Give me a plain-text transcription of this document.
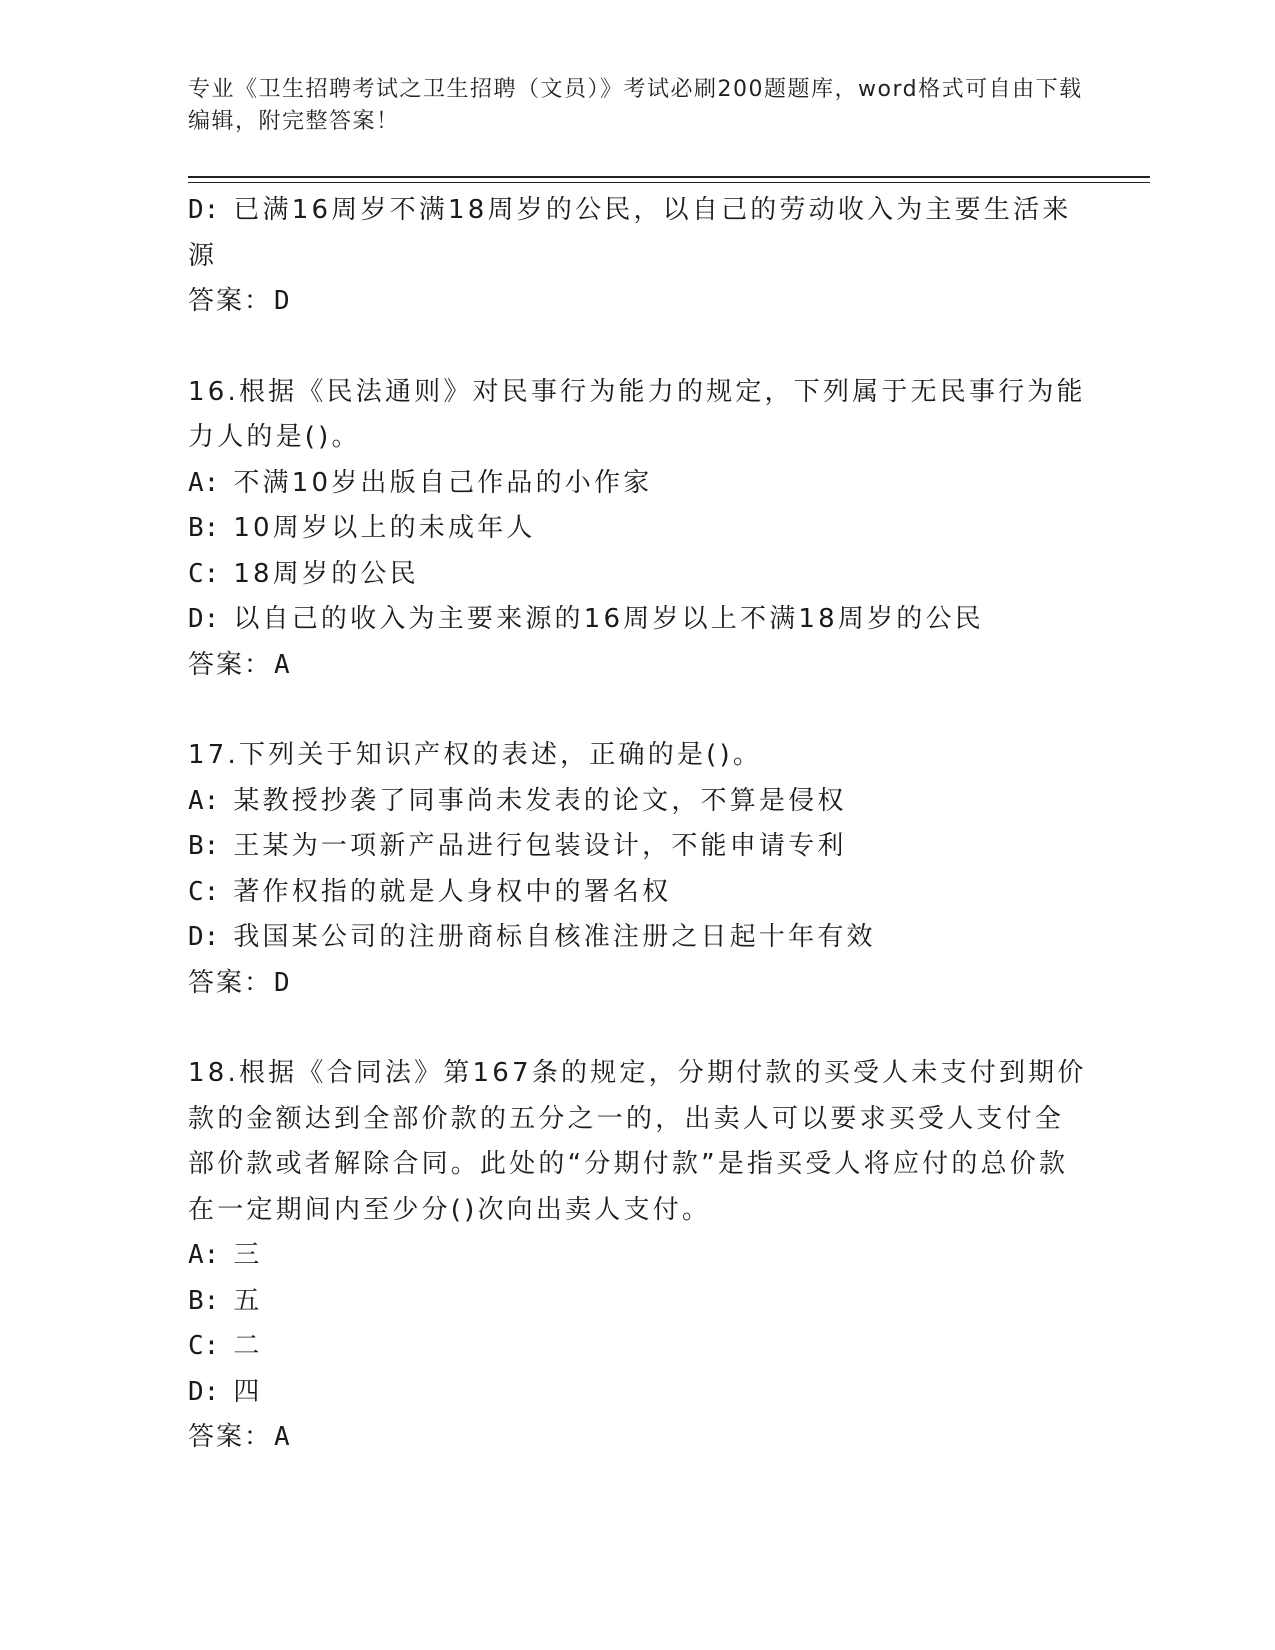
专业《卫生招聘考试之卫生招聘（文员）》考试必刷200题题库，word格式可自由下载编辑，附完整答案！
D: 已满16周岁不满18周岁的公民，以自己的劳动收入为主要生活来源
答案：D
16.根据《民法通则》对民事行为能力的规定，下列属于无民事行为能力人的是()。
A: 不满10岁出版自己作品的小作家
B: 10周岁以上的未成年人
C: 18周岁的公民
D: 以自己的收入为主要来源的16周岁以上不满18周岁的公民
答案：A
17.下列关于知识产权的表述，正确的是()。
A: 某教授抄袭了同事尚未发表的论文，不算是侵权
B: 王某为一项新产品进行包装设计，不能申请专利
C: 著作权指的就是人身权中的署名权
D: 我国某公司的注册商标自核准注册之日起十年有效
答案：D
18.根据《合同法》第167条的规定，分期付款的买受人未支付到期价款的金额达到全部价款的五分之一的，出卖人可以要求买受人支付全部价款或者解除合同。此处的“分期付款”是指买受人将应付的总价款在一定期间内至少分()次向出卖人支付。
A: 三
B: 五
C: 二
D: 四
答案：A
